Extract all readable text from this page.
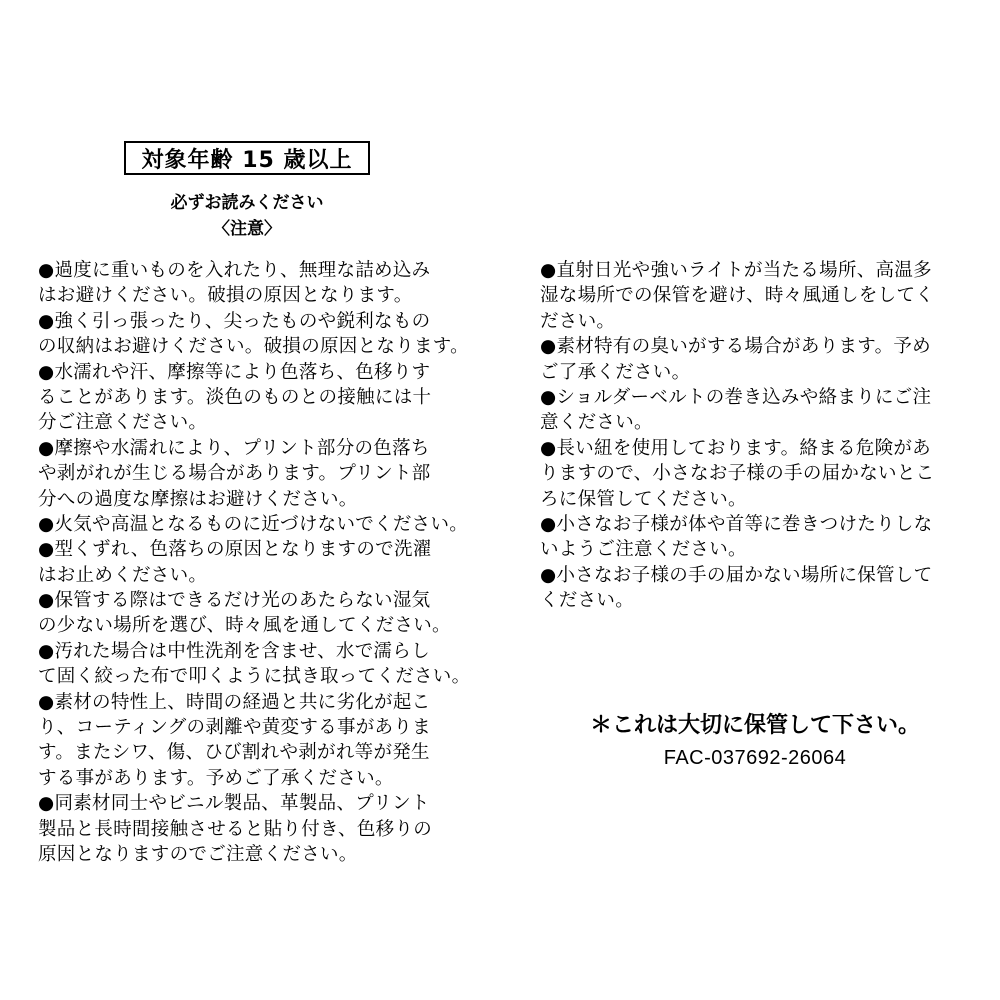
対象年齢 15 歳以上
必ずお読みください
〈注意〉
●過度に重いものを入れたり、無理な詰め込み
はお避けください。破損の原因となります。
●強く引っ張ったり、尖ったものや鋭利なもの
の収納はお避けください。破損の原因となります。
●水濡れや汗、摩擦等により色落ち、色移りす
ることがあります。淡色のものとの接触には十
分ご注意ください。
●摩擦や水濡れにより、プリント部分の色落ち
や剥がれが生じる場合があります。プリント部
分への過度な摩擦はお避けください。
●火気や高温となるものに近づけないでください。
●型くずれ、色落ちの原因となりますので洗濯
はお止めください。
●保管する際はできるだけ光のあたらない湿気
の少ない場所を選び、時々風を通してください。
●汚れた場合は中性洗剤を含ませ、水で濡らし
て固く絞った布で叩くように拭き取ってください。
●素材の特性上、時間の経過と共に劣化が起こ
り、コーティングの剥離や黄変する事がありま
す。またシワ、傷、ひび割れや剥がれ等が発生
する事があります。予めご了承ください。
●同素材同士やビニル製品、革製品、プリント
製品と長時間接触させると貼り付き、色移りの
原因となりますのでご注意ください。
●直射日光や強いライトが当たる場所、高温多
湿な場所での保管を避け、時々風通しをしてく
ださい。
●素材特有の臭いがする場合があります。予め
ご了承ください。
●ショルダーベルトの巻き込みや絡まりにご注
意ください。
●長い紐を使用しております。絡まる危険があ
りますので、小さなお子様の手の届かないとこ
ろに保管してください。
●小さなお子様が体や首等に巻きつけたりしな
いようご注意ください。
●小さなお子様の手の届かない場所に保管して
ください。
＊これは大切に保管して下さい。
FAC-037692-26064
